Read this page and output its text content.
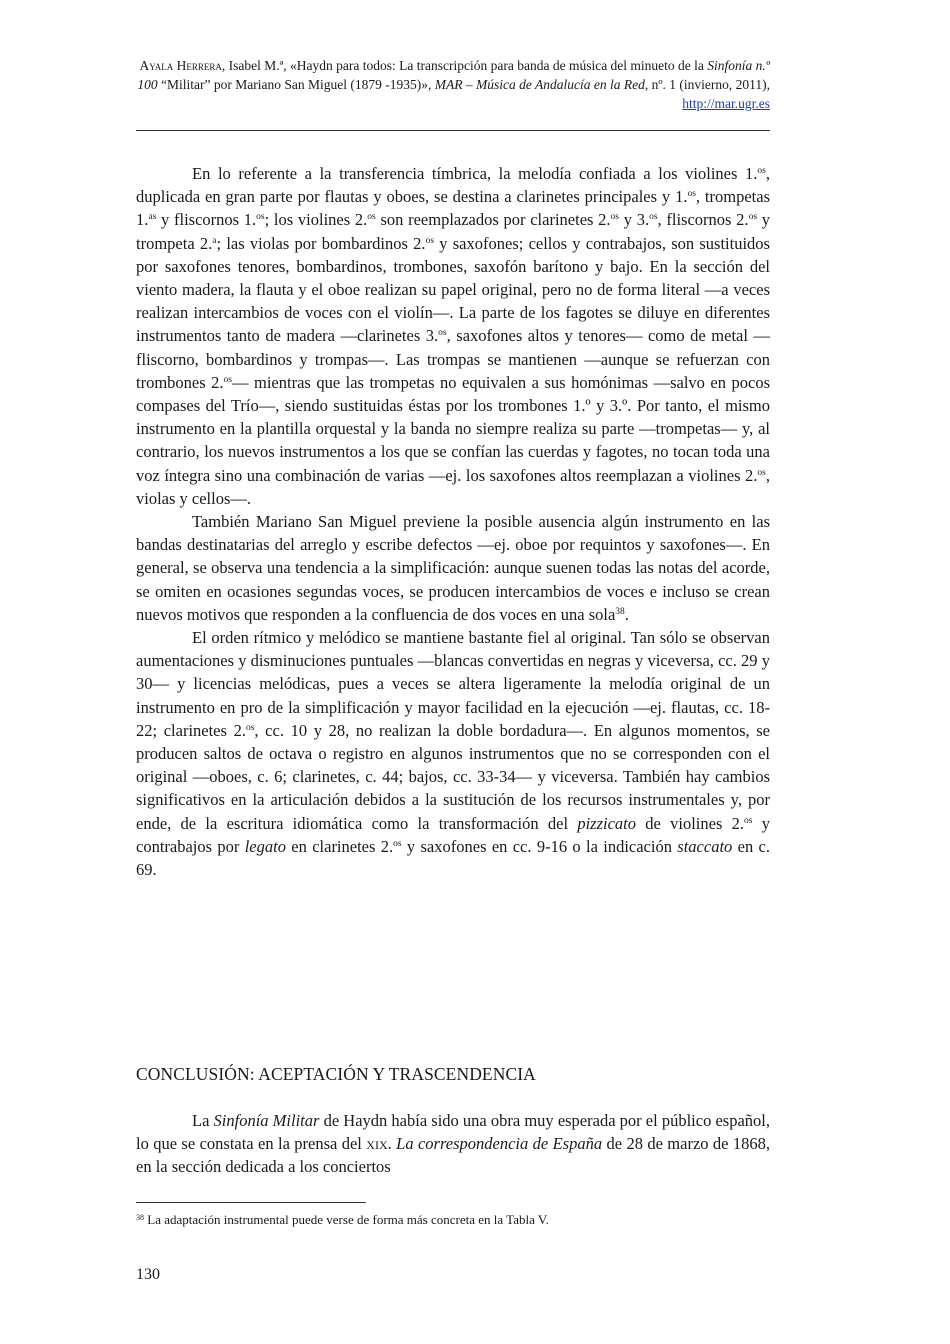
Ayala Herrera, Isabel M.ª, «Haydn para todos: La transcripción para banda de música del minueto de la Sinfonía n.º 100 “Militar” por Mariano San Miguel (1879 -1935)», MAR – Música de Andalucía en la Red, nº. 1 (invierno, 2011), http://mar.ugr.es

En lo referente a la transferencia tímbrica, la melodía confiada a los violines 1.$^{os}$, duplicada en gran parte por flautas y oboes, se destina a clarinetes principales y 1.$^{os}$, trompetas 1.$^{as}$ y fliscornos 1.$^{os}$; los violines 2.$^{os}$ son reemplazados por clarinetes 2.$^{os}$ y 3.$^{os}$, fliscornos 2.$^{os}$ y trompeta 2.$^a$; las violas por bombardinos 2.$^{os}$ y saxofones; cellos y contrabajos, son sustituidos por saxofones tenores, bombardinos, trombones, saxofón barítono y bajo. En la sección del viento madera, la flauta y el oboe realizan su papel original, pero no de forma literal —a veces realizan intercambios de voces con el violín—. La parte de los fagotes se diluye en diferentes instrumentos tanto de madera —clarinetes 3.$^{os}$, saxofones altos y tenores— como de metal —fliscorno, bombardinos y trompas—. Las trompas se mantienen —aunque se refuerzan con trombones 2.$^{os}$— mientras que las trompetas no equivalen a sus homónimas —salvo en pocos compases del Trío—, siendo sustituidas éstas por los trombones 1.º y 3.º. Por tanto, el mismo instrumento en la plantilla orquestal y la banda no siempre realiza su parte —trompetas— y, al contrario, los nuevos instrumentos a los que se confían las cuerdas y fagotes, no tocan toda una voz íntegra sino una combinación de varias —ej. los saxofones altos reemplazan a violines 2.$^{os}$, violas y cellos—.

También Mariano San Miguel previene la posible ausencia algún instrumento en las bandas destinatarias del arreglo y escribe defectos —ej. oboe por requintos y saxofones—. En general, se observa una tendencia a la simplificación: aunque suenen todas las notas del acorde, se omiten en ocasiones segundas voces, se producen intercambios de voces e incluso se crean nuevos motivos que responden a la confluencia de dos voces en una sola$^{38}$.

El orden rítmico y melódico se mantiene bastante fiel al original. Tan sólo se observan aumentaciones y disminuciones puntuales —blancas convertidas en negras y viceversa, cc. 29 y 30— y licencias melódicas, pues a veces se altera ligeramente la melodía original de un instrumento en pro de la simplificación y mayor facilidad en la ejecución —ej. flautas, cc. 18-22; clarinetes 2.$^{os}$, cc. 10 y 28, no realizan la doble bordadura—. En algunos momentos, se producen saltos de octava o registro en algunos instrumentos que no se corresponden con el original —oboes, c. 6; clarinetes, c. 44; bajos, cc. 33-34— y viceversa. También hay cambios significativos en la articulación debidos a la sustitución de los recursos instrumentales y, por ende, de la escritura idiomática como la transformación del pizzicato de violines 2.$^{os}$ y contrabajos por legato en clarinetes 2.$^{os}$ y saxofones en cc. 9-16 o la indicación staccato en c. 69.

CONCLUSIÓN: ACEPTACIÓN Y TRASCENDENCIA

La Sinfonía Militar de Haydn había sido una obra muy esperada por el público español, lo que se constata en la prensa del xix. La correspondencia de España de 28 de marzo de 1868, en la sección dedicada a los conciertos

$^{38}$ La adaptación instrumental puede verse de forma más concreta en la Tabla V.
130
